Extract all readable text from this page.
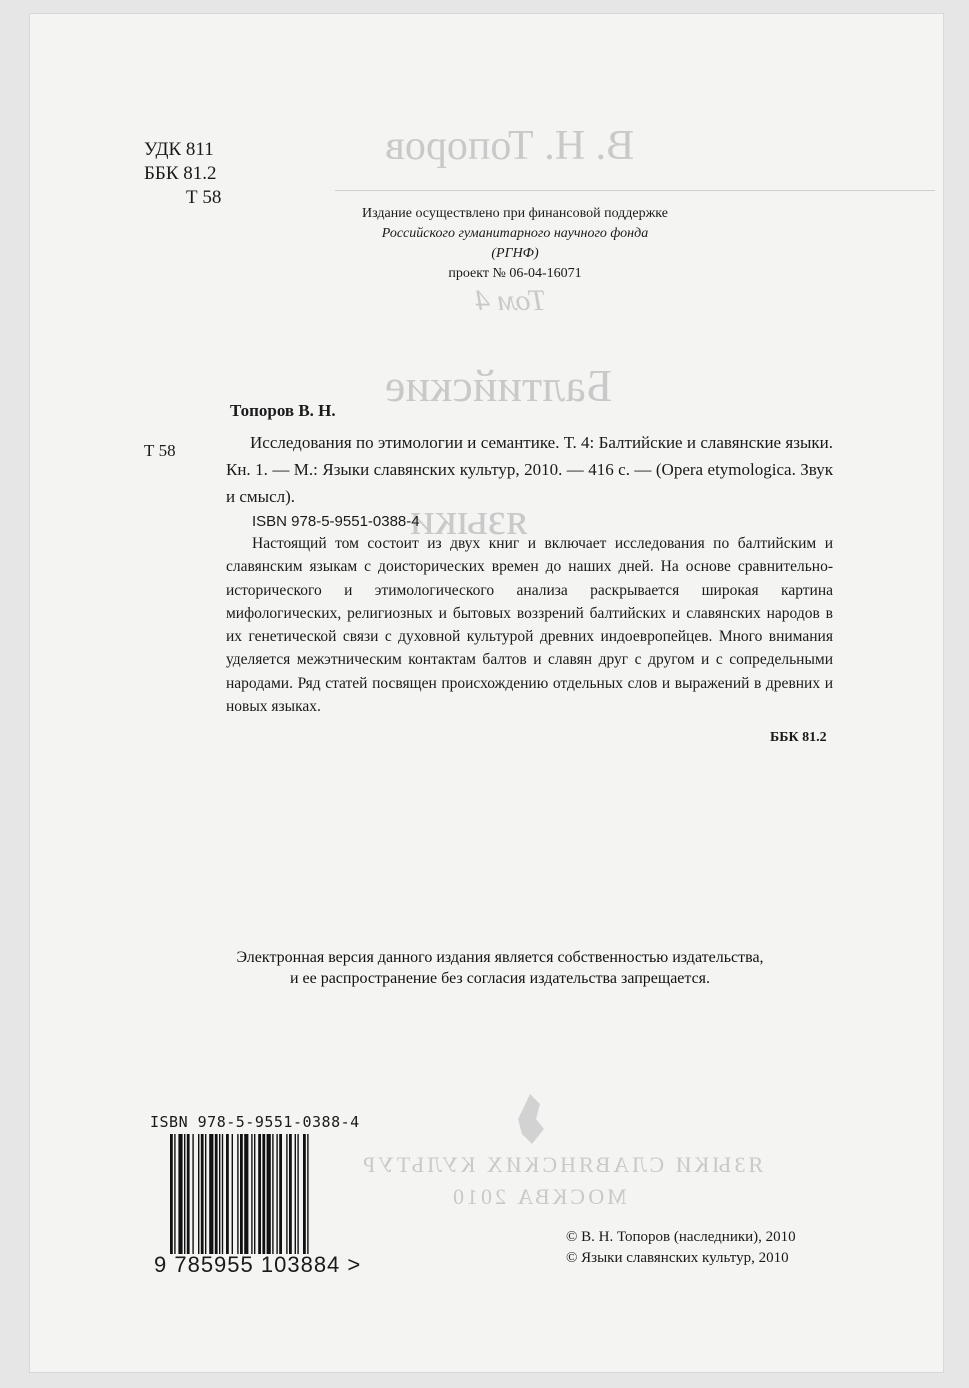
В. Н. Топоров
Том 4
Балтийские
языки
ЯЗЫКИ СЛАВЯНСКИХ КУЛЬТУР
МОСКВА 2010
УДК 811
ББК 81.2
Т 58
Издание осуществлено при финансовой поддержке
Российского гуманитарного научного фонда
(РГНФ)
проект № 06-04-16071
Топоров В. Н.
Т 58	Исследования по этимологии и семантике. Т. 4: Балтийские и славянские языки. Кн. 1. — М.: Языки славянских культур, 2010. — 416 с. — (Opera etymologica. Звук и смысл).
ISBN 978-5-9551-0388-4
Настоящий том состоит из двух книг и включает исследования по балтийским и славянским языкам с доисторических времен до наших дней. На основе сравнительно-исторического и этимологического анализа раскрывается широкая картина мифологических, религиозных и бытовых воззрений балтийских и славянских народов в их генетической связи с духовной культурой древних индоевропейцев. Много внимания уделяется межэтническим контактам балтов и славян друг с другом и с сопредельными народами. Ряд статей посвящен происхождению отдельных слов и выражений в древних и новых языках.
ББК 81.2
Электронная версия данного издания является собственностью издательства,
и ее распространение без согласия издательства запрещается.
ISBN 978-5-9551-0388-4
9 785955 103884 >
© В. Н. Топоров (наследники), 2010
© Языки славянских культур, 2010
